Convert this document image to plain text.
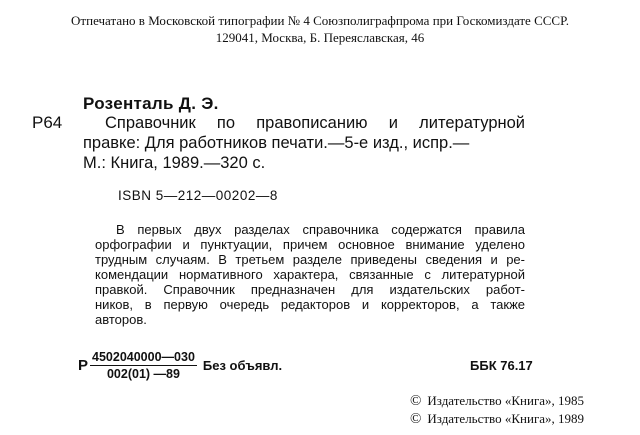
Отпечатано в Московской типографии № 4 Союзполиграфпрома при Госкомиздате СССР.
129041, Москва, Б. Переяславская, 46
Розенталь Д. Э.
Р64	Справочник по правописанию и литературной
правке: Для работников печати.—5-е изд., испр.—
М.: Книга, 1989.—320 с.
ISBN 5—212—00202—8
В первых двух разделах справочника содержатся правила
орфографии и пунктуации, причем основное внимание уделено
трудным случаям. В третьем разделе приведены сведения и ре-
комендации нормативного характера, связанные с литературной
правкой. Справочник предназначен для издательских работ-
ников, в первую очередь редакторов и корректоров, а также
авторов.
Р $\frac{4502040000—030}{002(01) —89}$ Без объявл.	ББК 76.17
© Издательство «Книга», 1985
© Издательство «Книга», 1989
